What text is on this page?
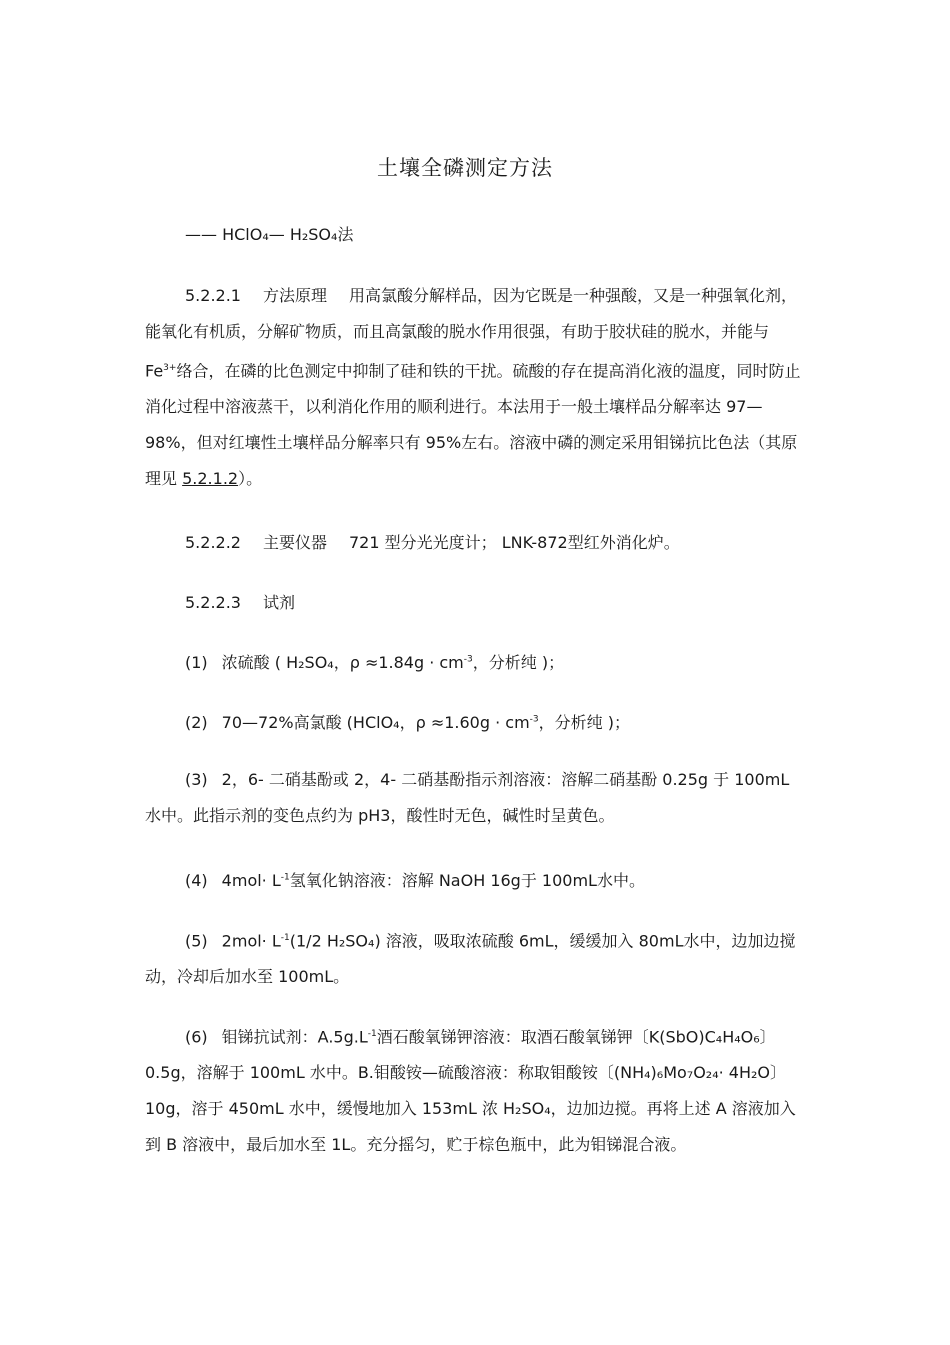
土壤全磷测定方法
—— HClO₄— H₂SO₄法
5.2.2.1 方法原理 用高氯酸分解样品，因为它既是一种强酸，又是一种强氧化剂，能氧化有机质，分解矿物质，而且高氯酸的脱水作用很强，有助于胶状硅的脱水，并能与 $Fe^{3+}$络合，在磷的比色测定中抑制了硅和铁的干扰。硫酸的存在提高消化液的温度，同时防止消化过程中溶液蒸干，以利消化作用的顺利进行。本法用于一般土壤样品分解率达 97—98%，但对红壤性土壤样品分解率只有 95%左右。溶液中磷的测定采用钼锑抗比色法（其原理见 5.2.1.2）。
5.2.2.2 主要仪器 721 型分光光度计； LNK-872型红外消化炉。
5.2.2.3 试剂
(1) 浓硫酸 ( H₂SO₄，$\rho \approx 1.84g \cdot cm^{-3}$，分析纯 )；
(2) 70—72%高氯酸 (HClO₄，$\rho \approx 1.60g \cdot cm^{-3}$，分析纯 )；
(3) 2，6- 二硝基酚或 2，4- 二硝基酚指示剂溶液：溶解二硝基酚 0.25g 于 100mL水中。此指示剂的变色点约为 pH3，酸性时无色，碱性时呈黄色。
(4) $4mol\cdot L^{-1}$氢氧化钠溶液：溶解 NaOH 16g于 100mL水中。
(5) $2mol\cdot L^{-1}(1/2$ H₂SO₄) 溶液，吸取浓硫酸 6mL，缓缓加入 80mL水中，边加边搅动，冷却后加水至 100mL。
(6) 钼锑抗试剂：$A.5g.L^{-1}$酒石酸氧锑钾溶液：取酒石酸氧锑钾〔K(SbO)C₄H₄O₆〕0.5g，溶解于 100mL 水中。B.钼酸铵—硫酸溶液：称取钼酸铵〔(NH₄)₆Mo₇O₂₄· 4H₂O〕10g，溶于 450mL 水中，缓慢地加入 153mL 浓 H₂SO₄，边加边搅。再将上述 A 溶液加入到 B 溶液中，最后加水至 1L。充分摇匀，贮于棕色瓶中，此为钼锑混合液。
